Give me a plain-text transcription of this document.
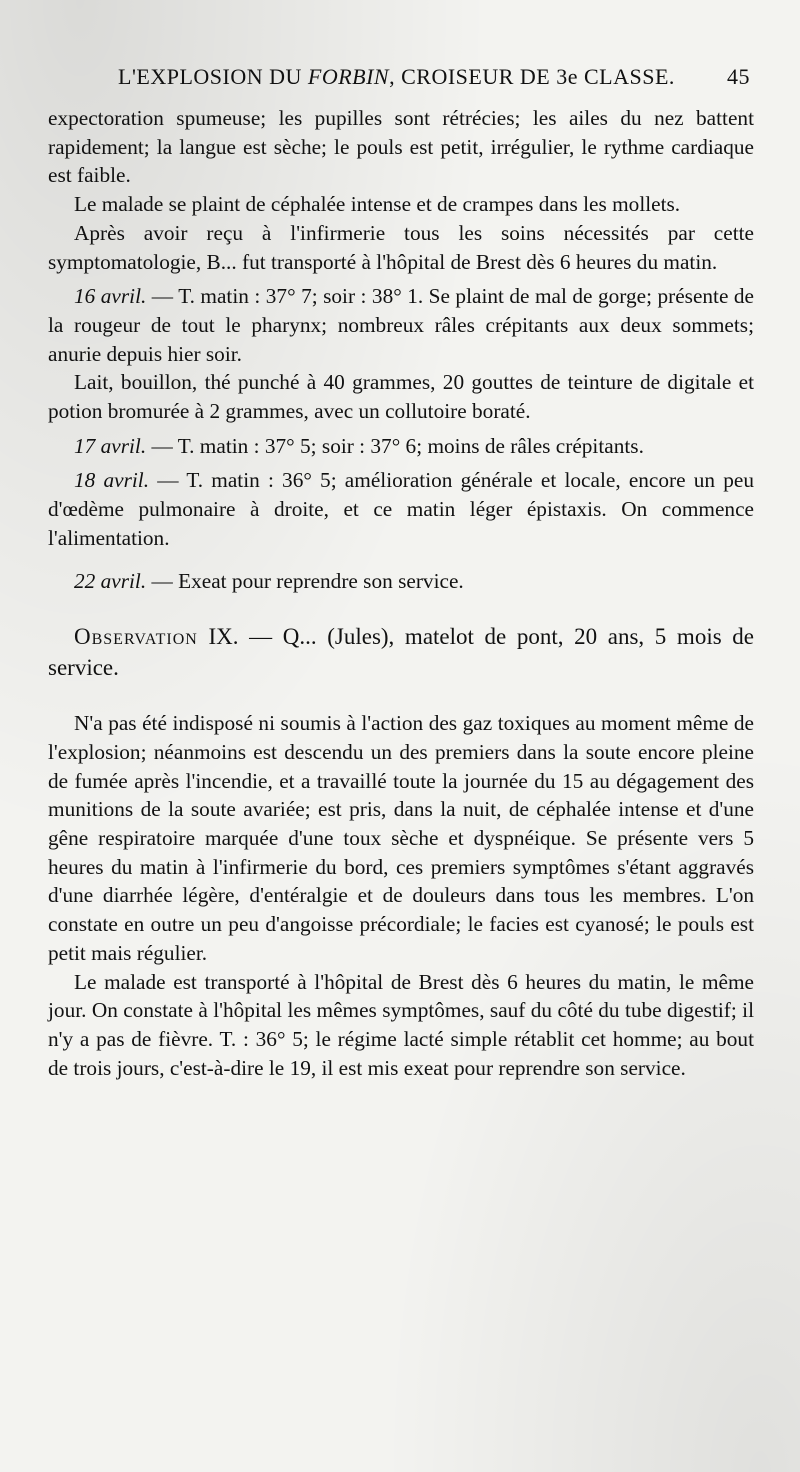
L'EXPLOSION DU FORBIN, CROISEUR DE 3e CLASSE. 45

expectoration spumeuse; les pupilles sont rétrécies; les ailes du nez battent rapidement; la langue est sèche; le pouls est petit, irrégulier, le rythme cardiaque est faible.

Le malade se plaint de céphalée intense et de crampes dans les mollets.

Après avoir reçu à l'infirmerie tous les soins nécessités par cette symptomatologie, B... fut transporté à l'hôpital de Brest dès 6 heures du matin.

16 avril. — T. matin : 37° 7; soir : 38° 1. Se plaint de mal de gorge; présente de la rougeur de tout le pharynx; nombreux râles crépitants aux deux sommets; anurie depuis hier soir.

Lait, bouillon, thé punché à 40 grammes, 20 gouttes de teinture de digitale et potion bromurée à 2 grammes, avec un collutoire boraté.

17 avril. — T. matin : 37° 5; soir : 37° 6; moins de râles crépitants.

18 avril. — T. matin : 36° 5; amélioration générale et locale, encore un peu d'œdème pulmonaire à droite, et ce matin léger épistaxis. On commence l'alimentation.

22 avril. — Exeat pour reprendre son service.

Observation IX. — Q... (Jules), matelot de pont, 20 ans, 5 mois de service.

N'a pas été indisposé ni soumis à l'action des gaz toxiques au moment même de l'explosion; néanmoins est descendu un des premiers dans la soute encore pleine de fumée après l'incendie, et a travaillé toute la journée du 15 au dégagement des munitions de la soute avariée; est pris, dans la nuit, de céphalée intense et d'une gêne respiratoire marquée d'une toux sèche et dyspnéique. Se présente vers 5 heures du matin à l'infirmerie du bord, ces premiers symptômes s'étant aggravés d'une diarrhée légère, d'entéralgie et de douleurs dans tous les membres. L'on constate en outre un peu d'angoisse précordiale; le facies est cyanosé; le pouls est petit mais régulier.

Le malade est transporté à l'hôpital de Brest dès 6 heures du matin, le même jour. On constate à l'hôpital les mêmes symptômes, sauf du côté du tube digestif; il n'y a pas de fièvre. T. : 36° 5; le régime lacté simple rétablit cet homme; au bout de trois jours, c'est-à-dire le 19, il est mis exeat pour reprendre son service.
